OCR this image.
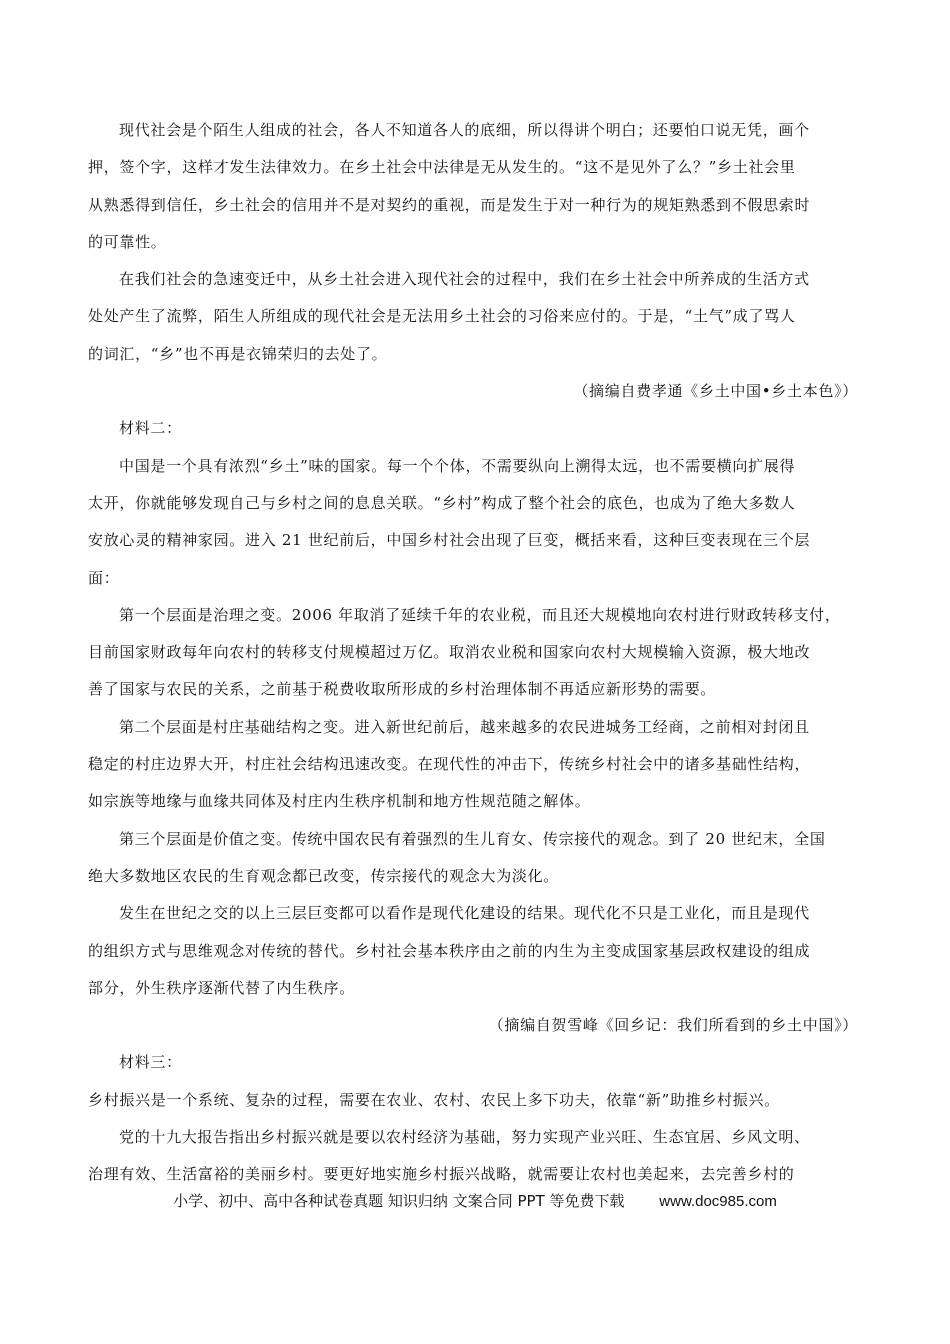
现代社会是个陌生人组成的社会，各人不知道各人的底细，所以得讲个明白；还要怕口说无凭，画个
押，签个字，这样才发生法律效力。在乡土社会中法律是无从发生的。“这不是见外了么？”乡土社会里
从熟悉得到信任，乡土社会的信用并不是对契约的重视，而是发生于对一种行为的规矩熟悉到不假思索时
的可靠性。
在我们社会的急速变迁中，从乡土社会进入现代社会的过程中，我们在乡土社会中所养成的生活方式
处处产生了流弊，陌生人所组成的现代社会是无法用乡土社会的习俗来应付的。于是，“土气”成了骂人
的词汇，“乡”也不再是衣锦荣归的去处了。
（摘编自费孝通《乡土中国•乡土本色》）
材料二：
中国是一个具有浓烈“乡土”味的国家。每一个个体，不需要纵向上溯得太远，也不需要横向扩展得
太开，你就能够发现自己与乡村之间的息息关联。“乡村”构成了整个社会的底色，也成为了绝大多数人
安放心灵的精神家园。进入 21 世纪前后，中国乡村社会出现了巨变，概括来看，这种巨变表现在三个层
面：
第一个层面是治理之变。2006 年取消了延续千年的农业税，而且还大规模地向农村进行财政转移支付，
目前国家财政每年向农村的转移支付规模超过万亿。取消农业税和国家向农村大规模输入资源，极大地改
善了国家与农民的关系，之前基于税费收取所形成的乡村治理体制不再适应新形势的需要。
第二个层面是村庄基础结构之变。进入新世纪前后，越来越多的农民进城务工经商，之前相对封闭且
稳定的村庄边界大开，村庄社会结构迅速改变。在现代性的冲击下，传统乡村社会中的诸多基础性结构，
如宗族等地缘与血缘共同体及村庄内生秩序机制和地方性规范随之解体。
第三个层面是价值之变。传统中国农民有着强烈的生儿育女、传宗接代的观念。到了 20 世纪末，全国
绝大多数地区农民的生育观念都已改变，传宗接代的观念大为淡化。
发生在世纪之交的以上三层巨变都可以看作是现代化建设的结果。现代化不只是工业化，而且是现代
的组织方式与思维观念对传统的替代。乡村社会基本秩序由之前的内生为主变成国家基层政权建设的组成
部分，外生秩序逐渐代替了内生秩序。
（摘编自贺雪峰《回乡记：我们所看到的乡土中国》）
材料三：
乡村振兴是一个系统、复杂的过程，需要在农业、农村、农民上多下功夫，依靠“新”助推乡村振兴。
党的十九大报告指出乡村振兴就是要以农村经济为基础，努力实现产业兴旺、生态宜居、乡风文明、
治理有效、生活富裕的美丽乡村。要更好地实施乡村振兴战略，就需要让农村也美起来，去完善乡村的
小学、初中、高中各种试卷真题 知识归纳 文案合同 PPT 等免费下载 www.doc985.com
